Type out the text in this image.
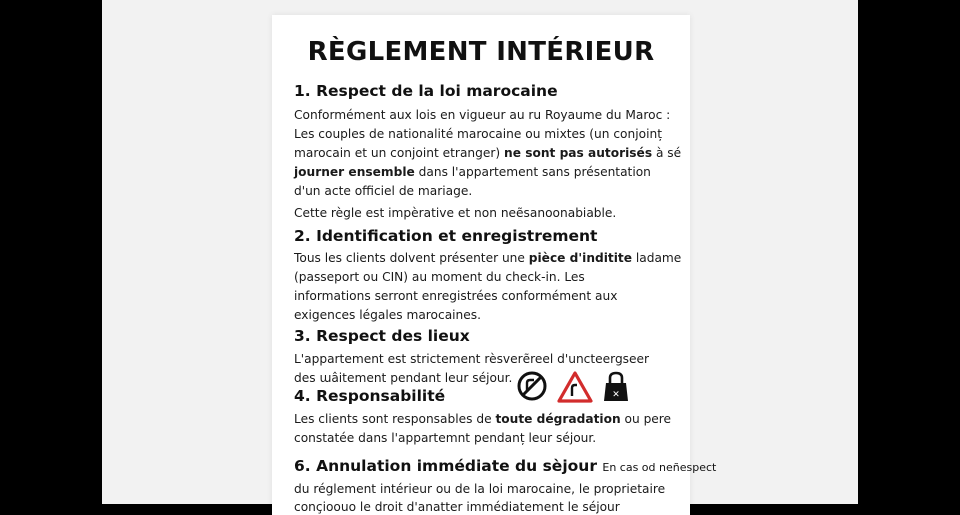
RÈGLEMENT INTÉRIEUR
1. Respect de la loi marocaine
Conformément aux lois en vigueur au ru Royaume du Maroc :
Les couples de nationalité marocaine ou mixtes (un conjoinț
marocain et un conjoint etranger) ne sont pas autorisés à sé
journer ensemble dans l'appartement sans présentation
d'un acte officiel de mariage.
Cette règle est impèrative et non neẽsanoonabiable.
2. Identification et enregistrement
Tous les clients dolvent présenter une pièce d'inditite ladame
(passeport ou CIN) au moment du check-in. Les
informations serront enregistrées conformément aux
exigences légales marocaines.
3. Respect des lieux
L'appartement est strictement rèsverẽreel d'uncteergseer
des ɯâitement pendant leur séjour.
✕
4. Responsabilité
Les clients sont responsables de toute dégradation ou pere
constatée dans l'appartemnt pendanț leur séjour.
6. Annulation immédiate du sèjour En cas od neñespect
du réglement intérieur ou de la loi marocaine, le proprietaire
conçioouo le droit d'anatter immédiatement le séjour
